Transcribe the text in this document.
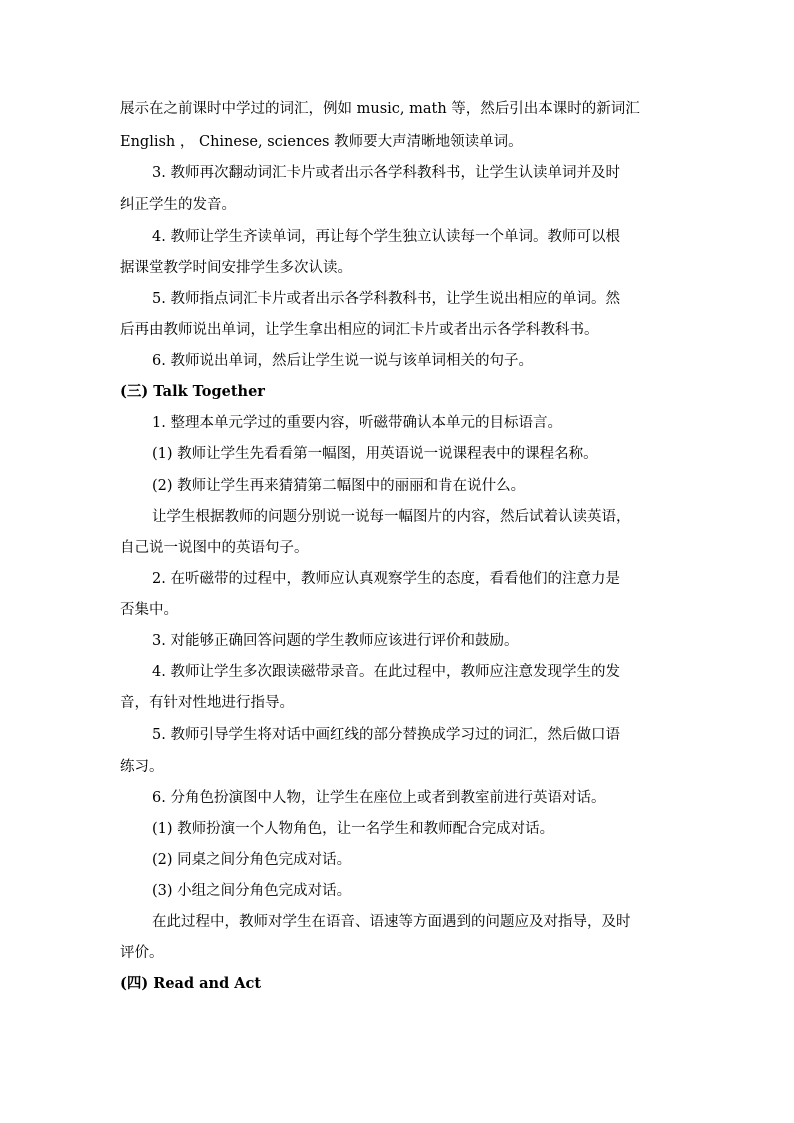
展示在之前课时中学过的词汇，例如 music, math 等，然后引出本课时的新词汇
English ， Chinese, sciences 教师要大声清晰地领读单词。
3. 教师再次翻动词汇卡片或者出示各学科教科书，让学生认读单词并及时
纠正学生的发音。
4. 教师让学生齐读单词，再让每个学生独立认读每一个单词。教师可以根
据课堂教学时间安排学生多次认读。
5. 教师指点词汇卡片或者出示各学科教科书，让学生说出相应的单词。然
后再由教师说出单词，让学生拿出相应的词汇卡片或者出示各学科教科书。
6. 教师说出单词，然后让学生说一说与该单词相关的句子。
(三) Talk Together
1. 整理本单元学过的重要内容，听磁带确认本单元的目标语言。
(1) 教师让学生先看看第一幅图，用英语说一说课程表中的课程名称。
(2) 教师让学生再来猜猜第二幅图中的丽丽和肯在说什么。
让学生根据教师的问题分别说一说每一幅图片的内容，然后试着认读英语，
自己说一说图中的英语句子。
2. 在听磁带的过程中，教师应认真观察学生的态度，看看他们的注意力是
否集中。
3. 对能够正确回答问题的学生教师应该进行评价和鼓励。
4. 教师让学生多次跟读磁带录音。在此过程中，教师应注意发现学生的发
音，有针对性地进行指导。
5. 教师引导学生将对话中画红线的部分替换成学习过的词汇，然后做口语
练习。
6. 分角色扮演图中人物，让学生在座位上或者到教室前进行英语对话。
(1) 教师扮演一个人物角色，让一名学生和教师配合完成对话。
(2) 同桌之间分角色完成对话。
(3) 小组之间分角色完成对话。
在此过程中，教师对学生在语音、语速等方面遇到的问题应及对指导，及时
评价。
(四) Read and Act
